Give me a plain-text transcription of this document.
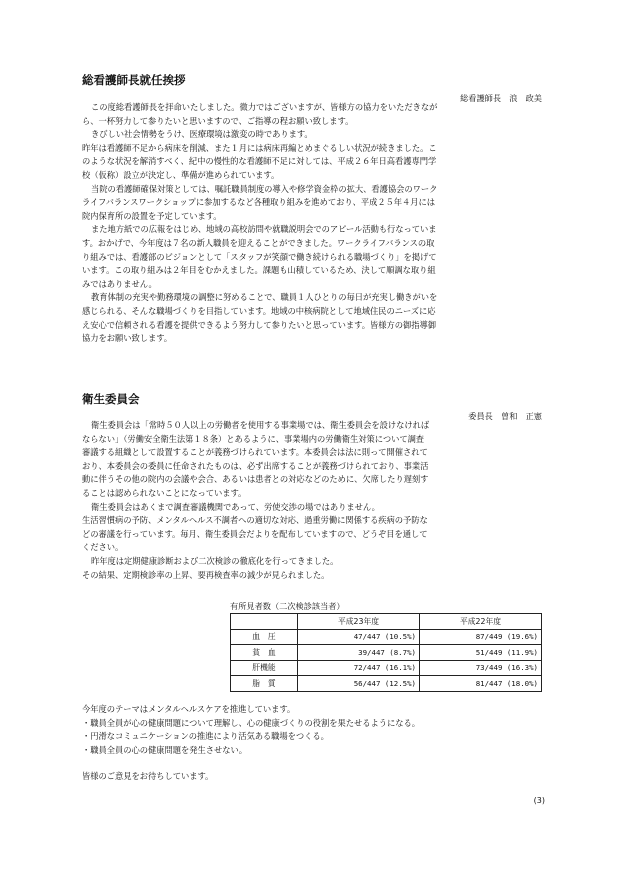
総看護師長就任挨拶
総看護師長　浪　政美

この度総看護師長を拝命いたしました。微力ではございますが、皆様方の協力をいただきなが

ら、一杯努力して参りたいと思いますので、ご指導の程お願い致します。

きびしい社会情勢をうけ、医療環境は激変の時であります。

昨年は看護師不足から病床を削減、また１月には病床再編とめまぐるしい状況が続きました。こ

のような状況を解消すべく、紀中の慢性的な看護師不足に対しては、平成２６年日高看護専門学

校（仮称）設立が決定し、準備が進められています。

当院の看護師確保対策としては、嘱託職員制度の導入や修学資金枠の拡大、看護協会のワーク

ライフバランスワークショップに参加するなど各種取り組みを進めており、平成２５年４月には

院内保育所の設置を予定しています。

また地方紙での広報をはじめ、地域の高校訪問や就職説明会でのアピール活動も行なっていま

す。おかげで、今年度は７名の新人職員を迎えることができました。ワークライフバランスの取

り組みでは、看護部のビジョンとして「スタッフが笑顔で働き続けられる職場づくり」を掲げて

います。この取り組みは２年目をむかえました。課題も山積しているため、決して順調な取り組

みではありません。

教育体制の充実や勤務環境の調整に努めることで、職員１人ひとりの毎日が充実し働きがいを

感じられる、そんな職場づくりを目指しています。地域の中核病院として地域住民のニーズに応

え安心で信頼される看護を提供できるよう努力して参りたいと思っています。皆様方の御指導御

協力をお願い致します。

衛生委員会
委員長　曽和　正憲

衛生委員会は「常時５０人以上の労働者を使用する事業場では、衛生委員会を設けなければ

ならない」（労働安全衛生法第１８条）とあるように、事業場内の労働衛生対策について調査

審議する組織として設置することが義務づけられています。本委員会は法に則って開催されて

おり、本委員会の委員に任命されたものは、必ず出席することが義務づけられており、事業活

動に伴うその他の院内の会議や会合、あるいは患者との対応などのために、欠席したり遅刻す

ることは認められないことになっています。

衛生委員会はあくまで調査審議機関であって、労使交渉の場ではありません。

生活習慣病の予防、メンタルヘルス不調者への適切な対応、過重労働に関係する疾病の予防な

どの審議を行っています。毎月、衛生委員会だよりを配布していますので、どうぞ目を通して

ください。

昨年度は定期健康診断および二次検診の徹底化を行ってきました。

その結果、定期検診率の上昇、要再検査率の減少が見られました。

有所見者数（二次検診該当者）
	平成23年度	平成22年度
血　圧	47/447 (10.5%)	87/449 (19.6%)
貧　血	39/447 (8.7%)	51/449 (11.9%)
肝機能	72/447 (16.1%)	73/449 (16.3%)
脂　質	56/447 (12.5%)	81/447 (18.0%)

今年度のテーマはメンタルヘルスケアを推進しています。

・職員全員が心の健康問題について理解し、心の健康づくりの役割を果たせるようになる。

・円滑なコミュニケーションの推進により活気ある職場をつくる。

・職員全員の心の健康問題を発生させない。

皆様のご意見をお待ちしています。

(3)
